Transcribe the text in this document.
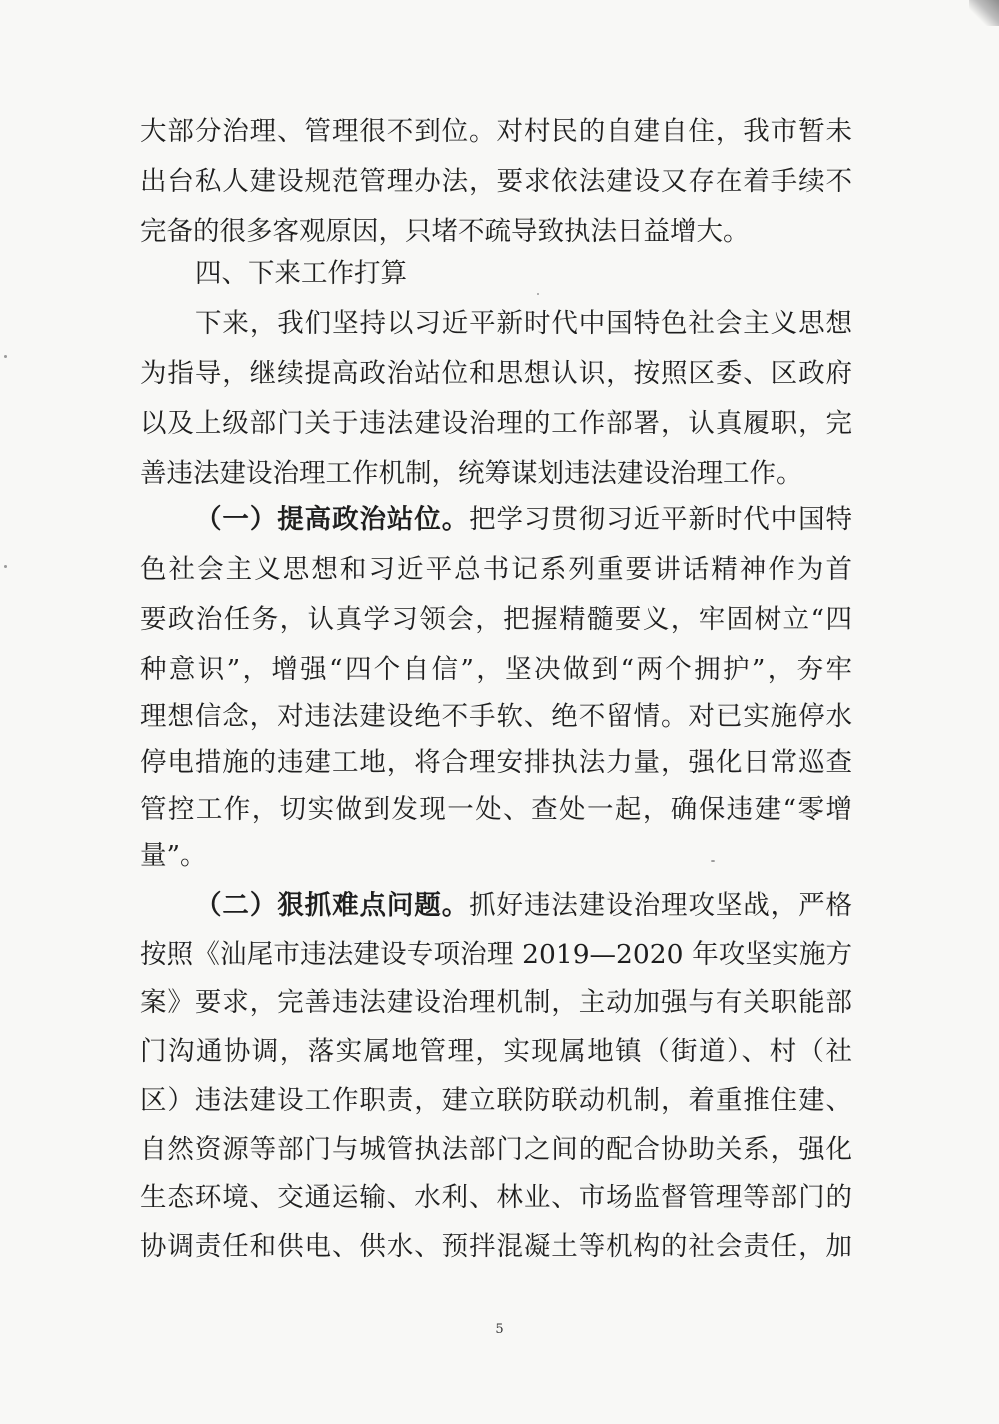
大部分治理、管理很不到位。对村民的自建自住，我市暂未
出台私人建设规范管理办法，要求依法建设又存在着手续不
完备的很多客观原因，只堵不疏导致执法日益增大。
四、下来工作打算
下来，我们坚持以习近平新时代中国特色社会主义思想
为指导，继续提高政治站位和思想认识，按照区委、区政府
以及上级部门关于违法建设治理的工作部署，认真履职，完
善违法建设治理工作机制，统筹谋划违法建设治理工作。
（一）提高政治站位。把学习贯彻习近平新时代中国特
色社会主义思想和习近平总书记系列重要讲话精神作为首
要政治任务，认真学习领会，把握精髓要义，牢固树立“四
种意识”，增强“四个自信”，坚决做到“两个拥护”，夯牢
理想信念，对违法建设绝不手软、绝不留情。对已实施停水
停电措施的违建工地，将合理安排执法力量，强化日常巡查
管控工作，切实做到发现一处、查处一起，确保违建“零增
量”。
（二）狠抓难点问题。抓好违法建设治理攻坚战，严格
按照《汕尾市违法建设专项治理 2019—2020 年攻坚实施方
案》要求，完善违法建设治理机制，主动加强与有关职能部
门沟通协调，落实属地管理，实现属地镇（街道）、村（社
区）违法建设工作职责，建立联防联动机制，着重推住建、
自然资源等部门与城管执法部门之间的配合协助关系，强化
生态环境、交通运输、水利、林业、市场监督管理等部门的
协调责任和供电、供水、预拌混凝土等机构的社会责任，加
5
